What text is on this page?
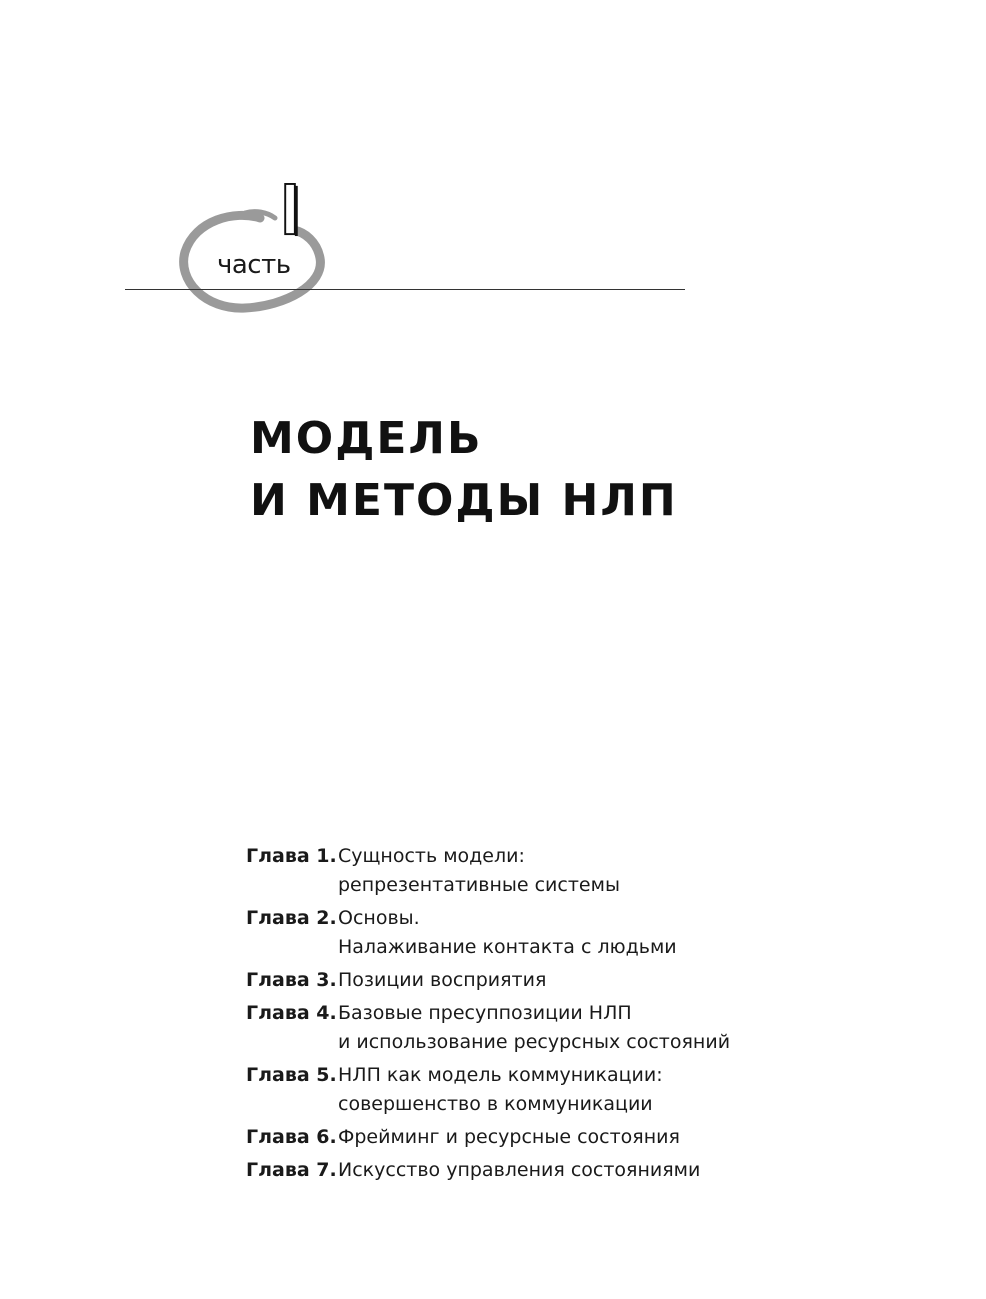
часть
МОДЕЛЬ
И МЕТОДЫ НЛП
Глава 1. Сущность модели:
репрезентативные системы
Глава 2. Основы.
Налаживание контакта с людьми
Глава 3. Позиции восприятия
Глава 4. Базовые пресуппозиции НЛП
и использование ресурсных состояний
Глава 5. НЛП как модель коммуникации:
совершенство в коммуникации
Глава 6. Фрейминг и ресурсные состояния
Глава 7. Искусство управления состояниями
